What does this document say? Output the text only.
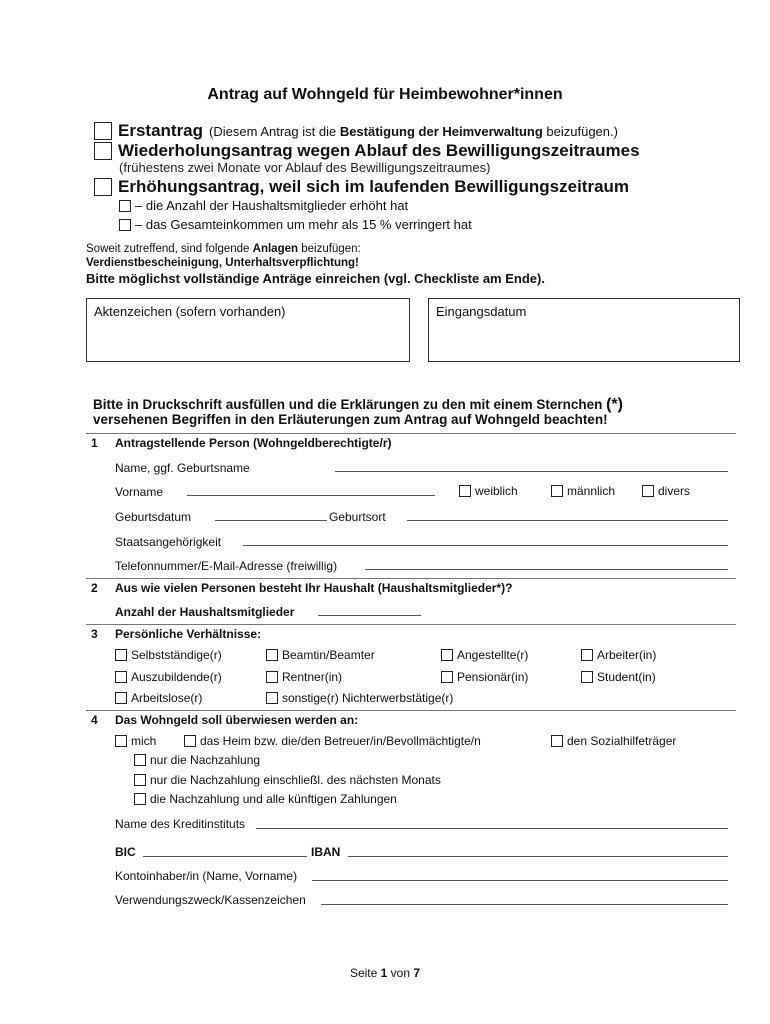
Antrag auf Wohngeld für Heimbewohner*innen
Erstantrag (Diesem Antrag ist die Bestätigung der Heimverwaltung beizufügen.)
Wiederholungsantrag wegen Ablauf des Bewilligungszeitraumes
(frühestens zwei Monate vor Ablauf des Bewilligungszeitraumes)
Erhöhungsantrag, weil sich im laufenden Bewilligungszeitraum
– die Anzahl der Haushaltsmitglieder erhöht hat
– das Gesamteinkommen um mehr als 15 % verringert hat
Soweit zutreffend, sind folgende Anlagen beizufügen:
Verdienstbescheinigung, Unterhaltsverpflichtung!
Bitte möglichst vollständige Anträge einreichen (vgl. Checkliste am Ende).
Aktenzeichen (sofern vorhanden)	Eingangsdatum
Bitte in Druckschrift ausfüllen und die Erklärungen zu den mit einem Sternchen (*)
versehenen Begriffen in den Erläuterungen zum Antrag auf Wohngeld beachten!
1 Antragstellende Person (Wohngeldberechtigte/r)
Name, ggf. Geburtsname
Vorname	weiblich	männlich	divers
Geburtsdatum	Geburtsort
Staatsangehörigkeit
Telefonnummer/E-Mail-Adresse (freiwillig)
2 Aus wie vielen Personen besteht Ihr Haushalt (Haushaltsmitglieder*)?
Anzahl der Haushaltsmitglieder
3 Persönliche Verhältnisse:
Selbstständige(r)	Beamtin/Beamter	Angestellte(r)	Arbeiter(in)
Auszubildende(r)	Rentner(in)	Pensionär(in)	Student(in)
Arbeitslose(r)	sonstige(r) Nichterwerbstätige(r)
4 Das Wohngeld soll überwiesen werden an:
mich	das Heim bzw. die/den Betreuer/in/Bevollmächtigte/n	den Sozialhilfeträger
nur die Nachzahlung
nur die Nachzahlung einschließl. des nächsten Monats
die Nachzahlung und alle künftigen Zahlungen
Name des Kreditinstituts
BIC	IBAN
Kontoinhaber/in (Name, Vorname)
Verwendungszweck/Kassenzeichen
Seite 1 von 7
